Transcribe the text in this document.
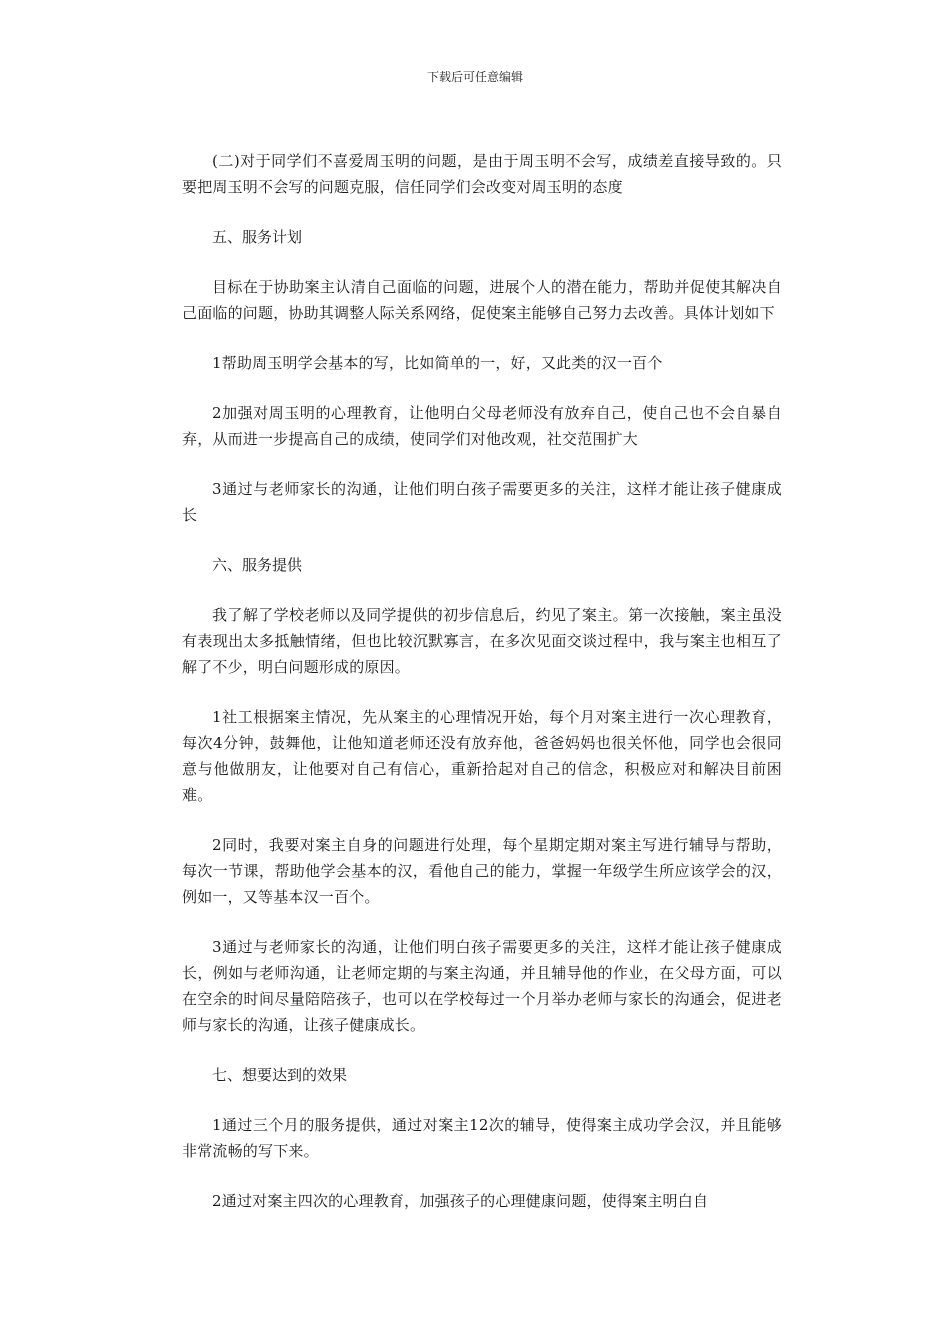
下载后可任意编辑

(二)对于同学们不喜爱周玉明的问题，是由于周玉明不会写，成绩差直接导致的。只要把周玉明不会写的问题克服，信任同学们会改变对周玉明的态度

五、服务计划

目标在于协助案主认清自己面临的问题，进展个人的潜在能力，帮助并促使其解决自己面临的问题，协助其调整人际关系网络，促使案主能够自己努力去改善。具体计划如下

1帮助周玉明学会基本的写，比如简单的一，好，又此类的汉一百个

2加强对周玉明的心理教育，让他明白父母老师没有放弃自己，使自己也不会自暴自弃，从而进一步提高自己的成绩，使同学们对他改观，社交范围扩大

3通过与老师家长的沟通，让他们明白孩子需要更多的关注，这样才能让孩子健康成长

六、服务提供

我了解了学校老师以及同学提供的初步信息后，约见了案主。第一次接触，案主虽没有表现出太多抵触情绪，但也比较沉默寡言，在多次见面交谈过程中，我与案主也相互了解了不少，明白问题形成的原因。

1社工根据案主情况，先从案主的心理情况开始，每个月对案主进行一次心理教育，每次4分钟，鼓舞他，让他知道老师还没有放弃他，爸爸妈妈也很关怀他，同学也会很同意与他做朋友，让他要对自己有信心，重新拾起对自己的信念，积极应对和解决目前困难。

2同时，我要对案主自身的问题进行处理，每个星期定期对案主写进行辅导与帮助，每次一节课，帮助他学会基本的汉，看他自己的能力，掌握一年级学生所应该学会的汉，例如一，又等基本汉一百个。

3通过与老师家长的沟通，让他们明白孩子需要更多的关注，这样才能让孩子健康成长，例如与老师沟通，让老师定期的与案主沟通，并且辅导他的作业，在父母方面，可以在空余的时间尽量陪陪孩子，也可以在学校每过一个月举办老师与家长的沟通会，促进老师与家长的沟通，让孩子健康成长。

七、想要达到的效果

1通过三个月的服务提供，通过对案主12次的辅导，使得案主成功学会汉，并且能够非常流畅的写下来。

2通过对案主四次的心理教育，加强孩子的心理健康问题，使得案主明白自
